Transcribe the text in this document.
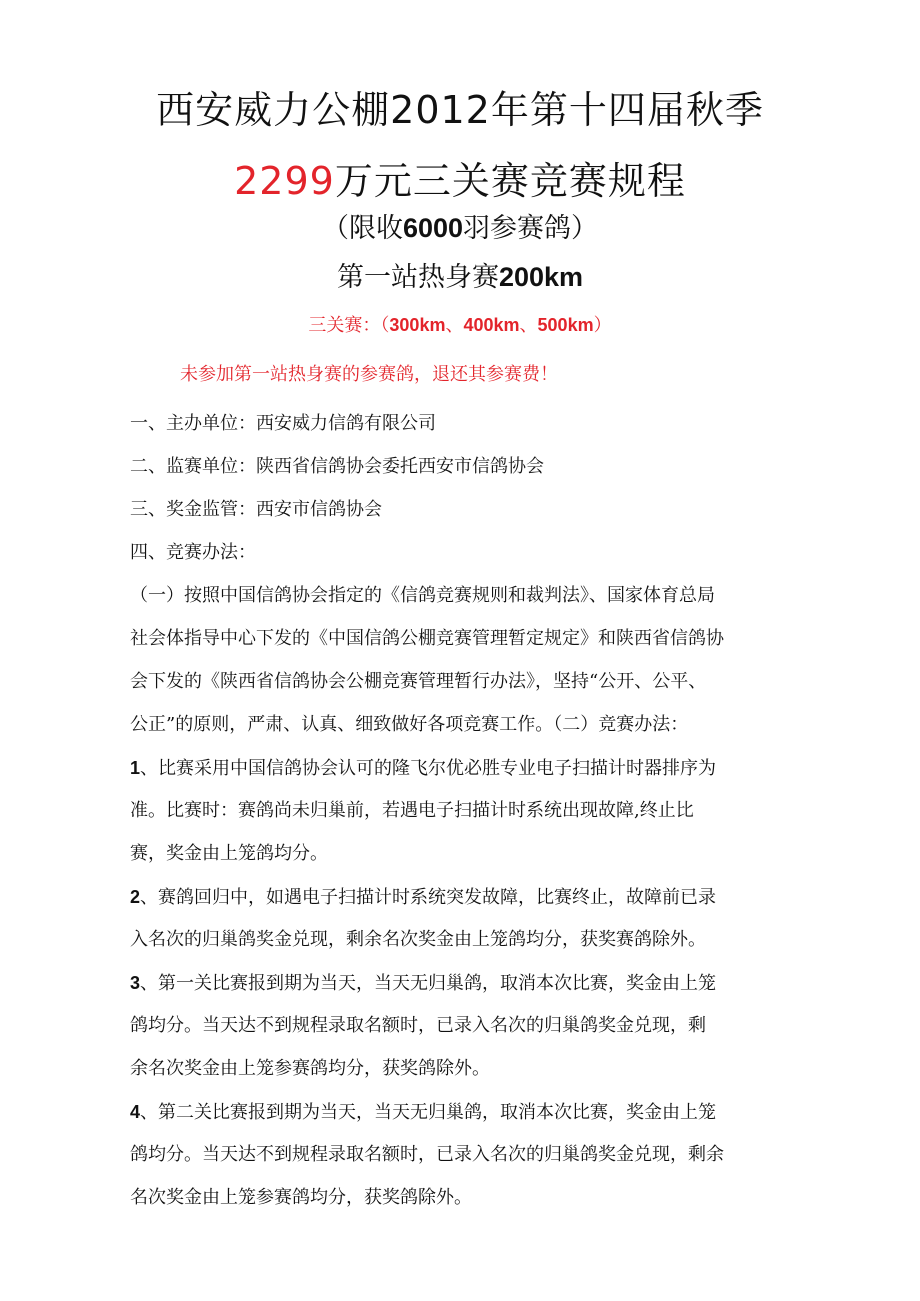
西安威力公棚2012年第十四届秋季
2299万元三关赛竞赛规程
（限收6000羽参赛鸽）
第一站热身赛200km
三关赛：（300km、400km、500km）
未参加第一站热身赛的参赛鸽，退还其参赛费！
一、主办单位：西安威力信鸽有限公司
二、监赛单位：陕西省信鸽协会委托西安市信鸽协会
三、奖金监管：西安市信鸽协会
四、竞赛办法：
（一）按照中国信鸽协会指定的《信鸽竞赛规则和裁判法》、国家体育总局
社会体指导中心下发的《中国信鸽公棚竞赛管理暂定规定》和陕西省信鸽协
会下发的《陕西省信鸽协会公棚竞赛管理暂行办法》，坚持“公开、公平、
公正”的原则，严肃、认真、细致做好各项竞赛工作。（二）竞赛办法：
1、比赛采用中国信鸽协会认可的隆飞尔优必胜专业电子扫描计时器排序为
准。比赛时：赛鸽尚未归巢前，若遇电子扫描计时系统出现故障,终止比
赛，奖金由上笼鸽均分。
2、赛鸽回归中，如遇电子扫描计时系统突发故障，比赛终止，故障前已录
入名次的归巢鸽奖金兑现，剩余名次奖金由上笼鸽均分，获奖赛鸽除外。
3、第一关比赛报到期为当天，当天无归巢鸽，取消本次比赛，奖金由上笼
鸽均分。当天达不到规程录取名额时，已录入名次的归巢鸽奖金兑现，剩
余名次奖金由上笼参赛鸽均分，获奖鸽除外。
4、第二关比赛报到期为当天，当天无归巢鸽，取消本次比赛，奖金由上笼
鸽均分。当天达不到规程录取名额时，已录入名次的归巢鸽奖金兑现，剩余
名次奖金由上笼参赛鸽均分，获奖鸽除外。
